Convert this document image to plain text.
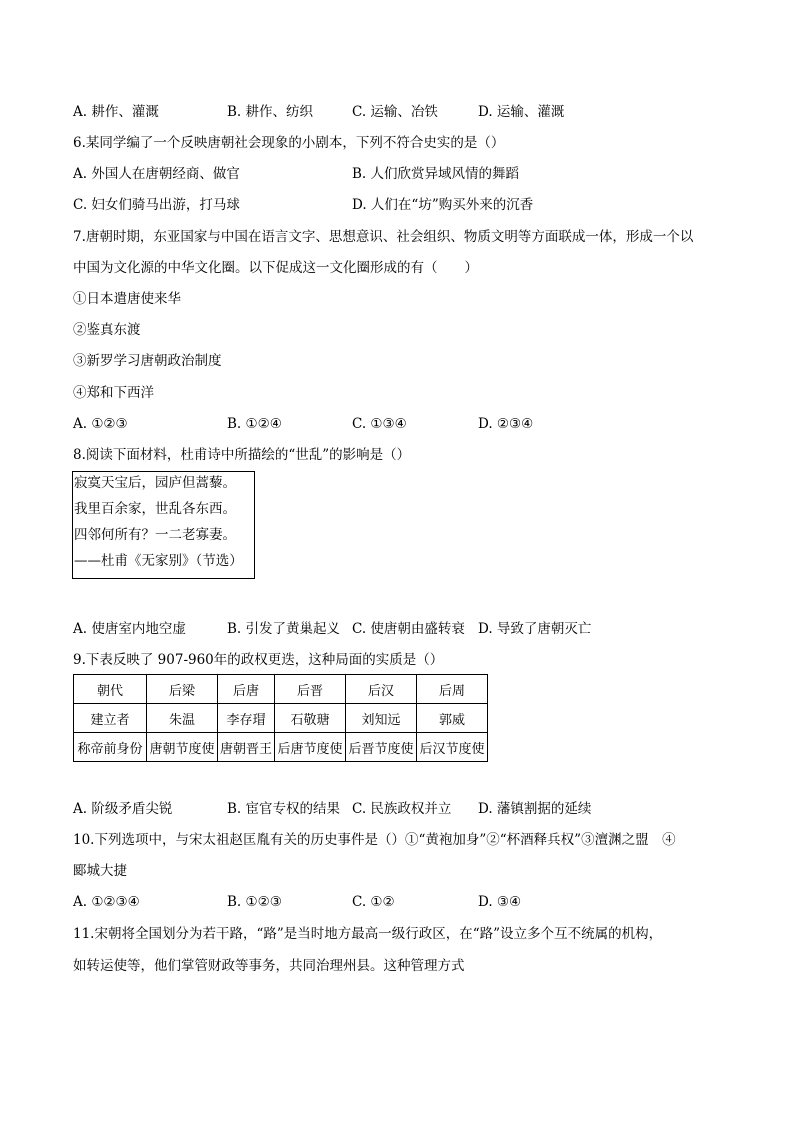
A. 耕作、灌溉	B. 耕作、纺织	C. 运输、冶铁	D. 运输、灌溉
6.某同学编了一个反映唐朝社会现象的小剧本，下列不符合史实的是（）
A. 外国人在唐朝经商、做官	B. 人们欣赏异域风情的舞蹈
C. 妇女们骑马出游，打马球	D. 人们在“坊”购买外来的沉香
7.唐朝时期，东亚国家与中国在语言文字、思想意识、社会组织、物质文明等方面联成一体，形成一个以
中国为文化源的中华文化圈。以下促成这一文化圈形成的有（　　）
①日本遣唐使来华
②鉴真东渡
③新罗学习唐朝政治制度
④郑和下西洋
A. ①②③	B. ①②④	C. ①③④	D. ②③④
8.阅读下面材料，杜甫诗中所描绘的“世乱”的影响是（）
寂寞天宝后，园庐但蒿藜。
我里百余家，世乱各东西。
四邻何所有？一二老寡妻。
——杜甫《无家别》（节选）
A. 使唐室内地空虚	B. 引发了黄巢起义 C. 使唐朝由盛转衰 D. 导致了唐朝灭亡
9.下表反映了 907-960年的政权更迭，这种局面的实质是（）
朝代	后梁	后唐	后晋	后汉	后周
建立者	朱温	李存瑁	石敬瑭	刘知远	郭威
称帝前身份	唐朝节度使	唐朝晋王	后唐节度使	后晋节度使	后汉节度使
A. 阶级矛盾尖锐	B. 宦官专权的结果 C. 民族政权并立 D. 藩镇割据的延续
10.下列选项中，与宋太祖赵匡胤有关的历史事件是（）①“黄袍加身”②“杯酒释兵权”③澶渊之盟　④
郾城大捷
A. ①②③④	B. ①②③	C. ①②	D. ③④
11.宋朝将全国划分为若干路，“路”是当时地方最高一级行政区，在“路”设立多个互不统属的机构，
如转运使等，他们掌管财政等事务，共同治理州县。这种管理方式
